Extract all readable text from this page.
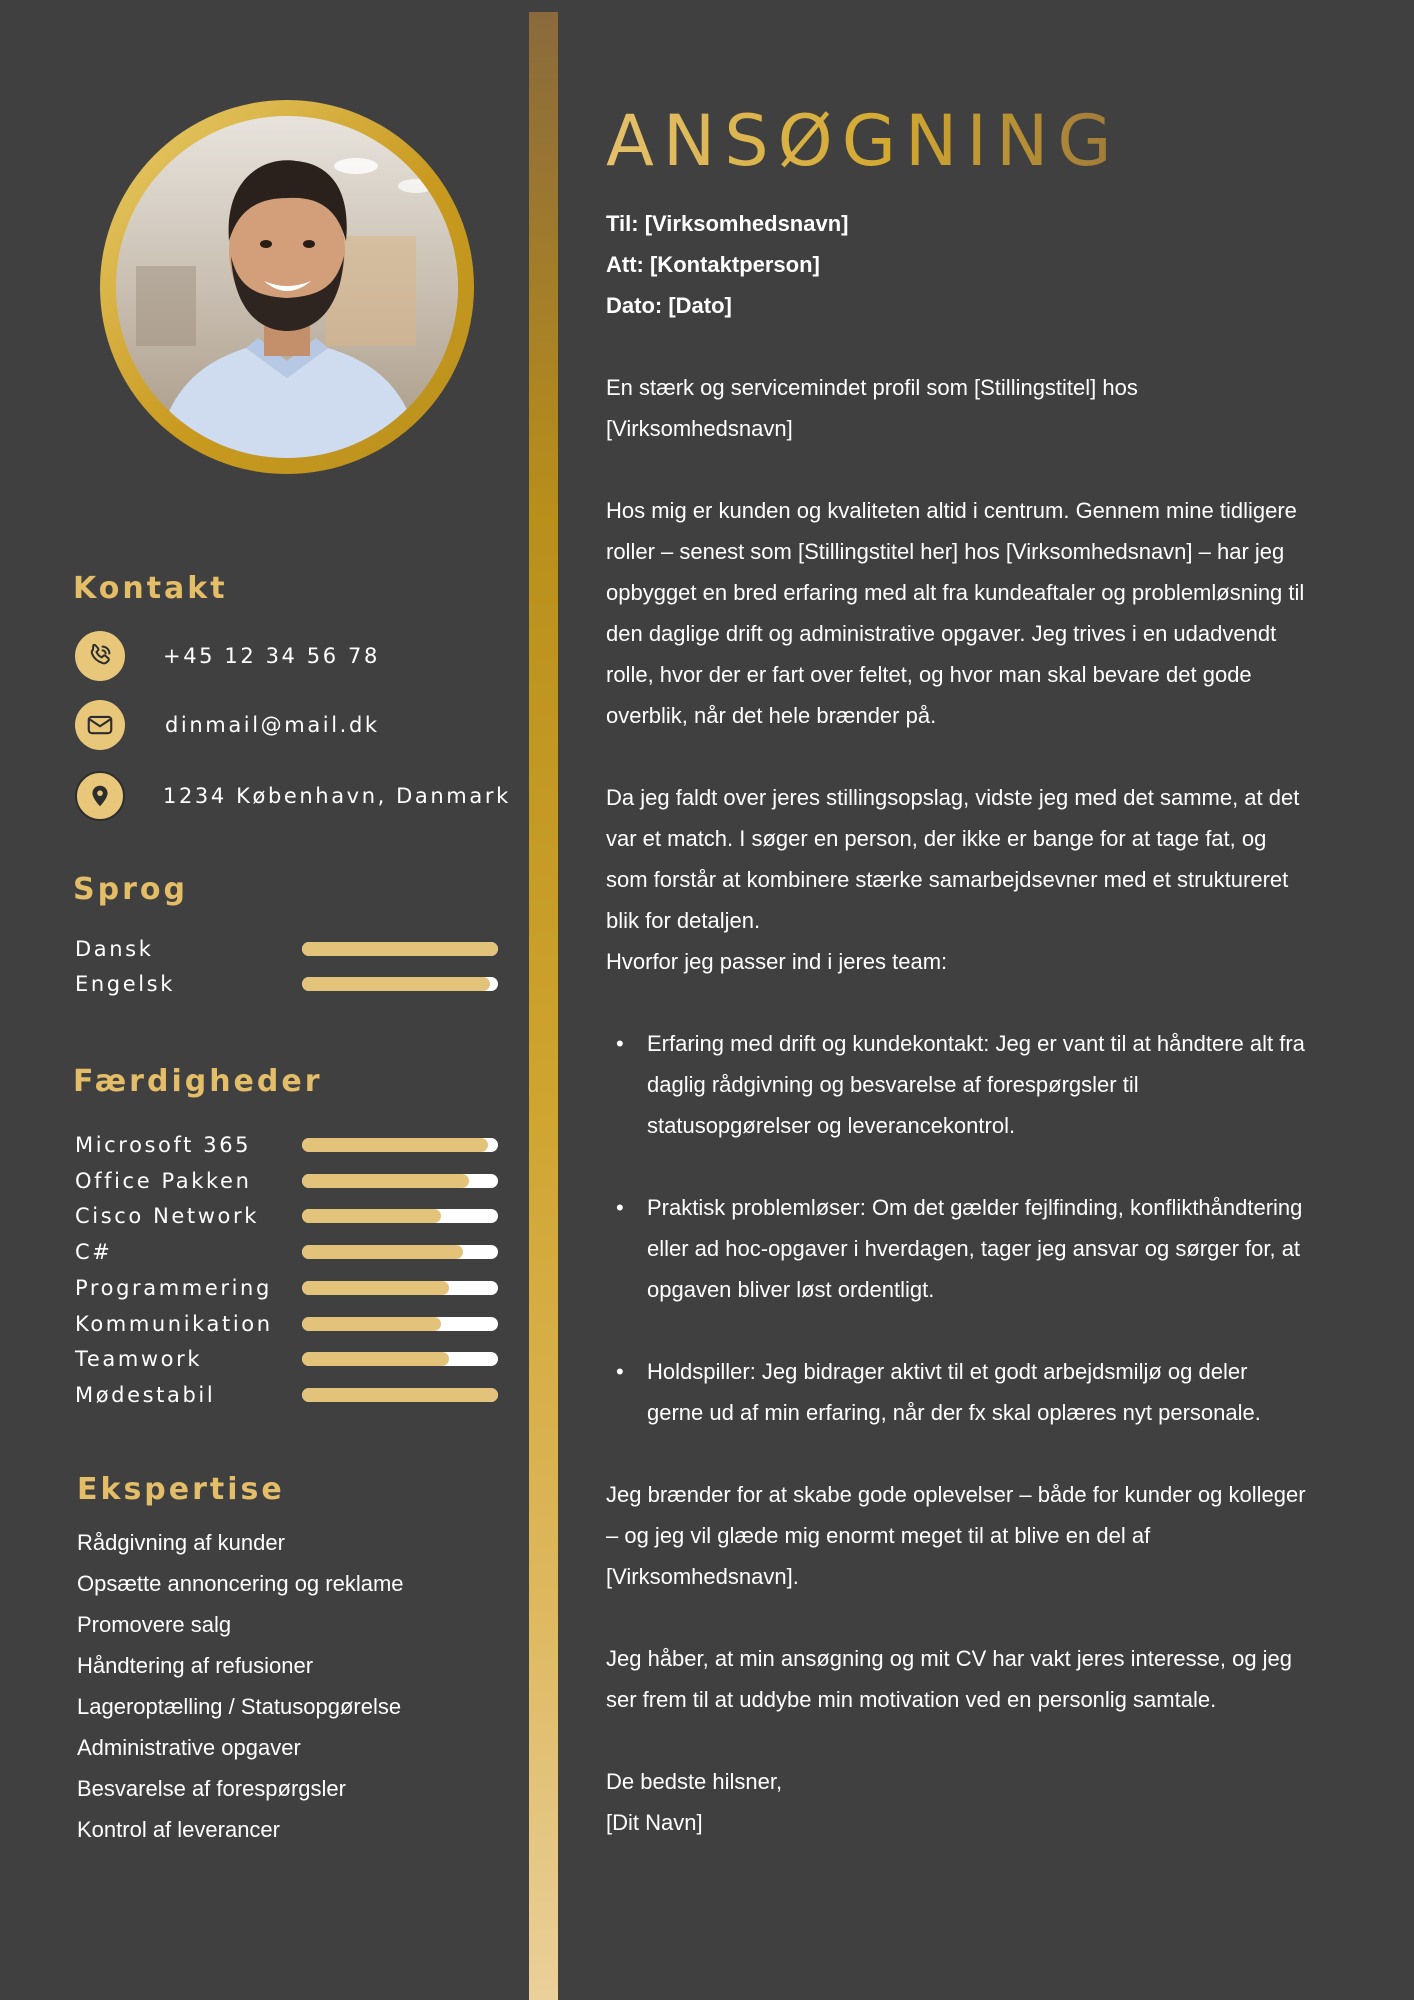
Kontakt
+45 12 34 56 78
dinmail@mail.dk
1234 København, Danmark
Sprog
Dansk
Engelsk
Færdigheder
Microsoft 365
Office Pakken
Cisco Network
C#
Programmering
Kommunikation
Teamwork
Mødestabil
Ekspertise
Rådgivning af kunder
Opsætte annoncering og reklame
Promovere salg
Håndtering af refusioner
Lageroptælling / Statusopgørelse
Administrative opgaver
Besvarelse af forespørgsler
Kontrol af leverancer
ANSØGNING
Til: [Virksomhedsnavn]
Att: [Kontaktperson]
Dato: [Dato]

En stærk og servicemindet profil som [Stillingstitel] hos [Virksomhedsnavn]

Hos mig er kunden og kvaliteten altid i centrum. Gennem mine tidligere roller – senest som [Stillingstitel her] hos [Virksomhedsnavn] – har jeg opbygget en bred erfaring med alt fra kundeaftaler og problemløsning til den daglige drift og administrative opgaver. Jeg trives i en udadvendt rolle, hvor der er fart over feltet, og hvor man skal bevare det gode overblik, når det hele brænder på.

Da jeg faldt over jeres stillingsopslag, vidste jeg med det samme, at det var et match. I søger en person, der ikke er bange for at tage fat, og som forstår at kombinere stærke samarbejdsevner med et struktureret blik for detaljen.

Hvorfor jeg passer ind i jeres team:

• Erfaring med drift og kundekontakt: Jeg er vant til at håndtere alt fra daglig rådgivning og besvarelse af forespørgsler til statusopgørelser og leverancekontrol.
• Praktisk problemløser: Om det gælder fejlfinding, konflikthåndtering eller ad hoc-opgaver i hverdagen, tager jeg ansvar og sørger for, at opgaven bliver løst ordentligt.
• Holdspiller: Jeg bidrager aktivt til et godt arbejdsmiljø og deler gerne ud af min erfaring, når der fx skal oplæres nyt personale.

Jeg brænder for at skabe gode oplevelser – både for kunder og kolleger – og jeg vil glæde mig enormt meget til at blive en del af [Virksomhedsnavn].

Jeg håber, at min ansøgning og mit CV har vakt jeres interesse, og jeg ser frem til at uddybe min motivation ved en personlig samtale.

De bedste hilsner,

[Dit Navn]
